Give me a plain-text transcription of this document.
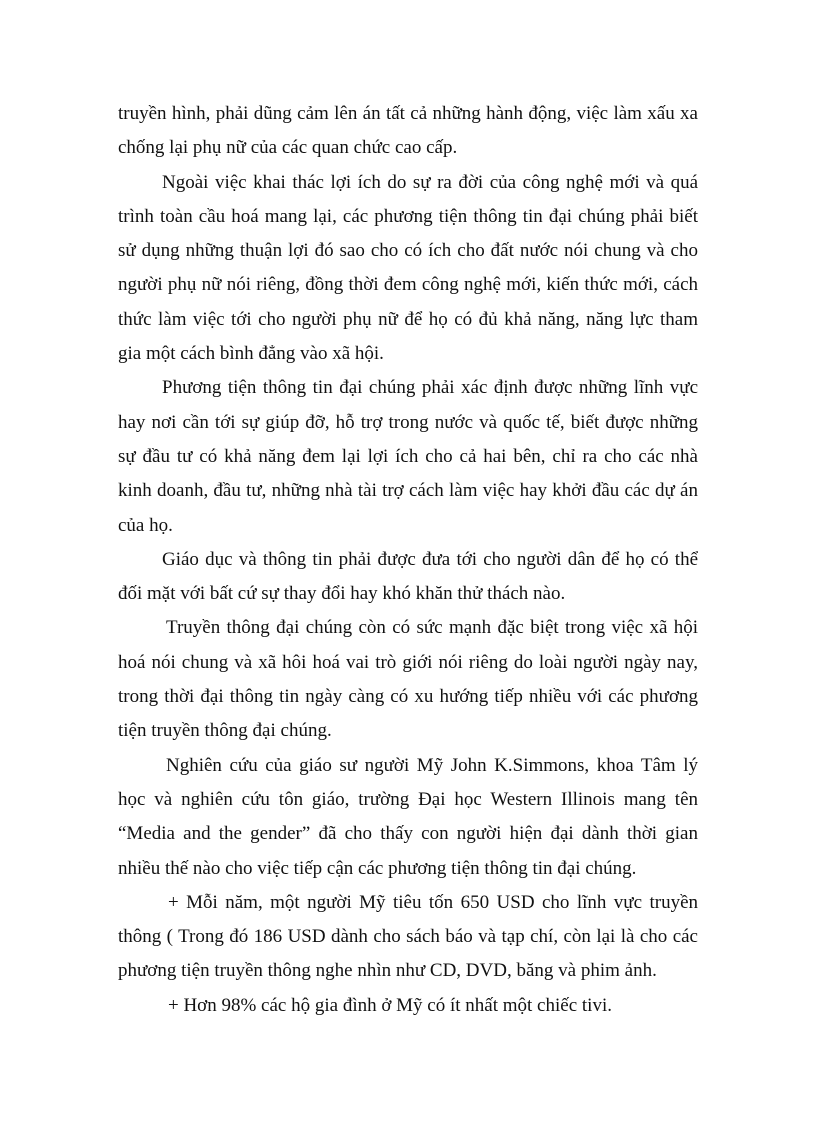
truyền hình, phải dũng cảm lên án tất cả những hành động, việc làm xấu xa chống lại phụ nữ của các quan chức cao cấp.

Ngoài việc khai thác lợi ích do sự ra đời của công nghệ mới và quá trình toàn cầu hoá mang lại, các phương tiện thông tin đại chúng phải biết sử dụng những thuận lợi đó sao cho có ích cho đất nước nói chung và cho người phụ nữ nói riêng, đồng thời đem công nghệ mới, kiến thức mới, cách thức làm việc tới cho người phụ nữ để họ có đủ khả năng, năng lực tham gia một cách bình đẳng vào xã hội.

Phương tiện thông tin đại chúng phải xác định được những lĩnh vực hay nơi cần tới sự giúp đỡ, hỗ trợ trong nước và quốc tế, biết được những sự đầu tư có khả năng đem lại lợi ích cho cả hai bên, chỉ ra cho các nhà kinh doanh, đầu tư, những nhà tài trợ cách làm việc hay khởi đầu các dự án của họ.

Giáo dục và thông tin phải được đưa tới cho người dân để họ có thể đối mặt với bất cứ sự thay đổi hay khó khăn thử thách nào.

Truyền thông đại chúng còn có sức mạnh đặc biệt trong việc xã hội hoá nói chung và xã hôi hoá vai trò giới nói riêng do loài người ngày nay, trong thời đại thông tin ngày càng có xu hướng tiếp nhiều với các phương tiện truyền thông đại chúng.

Nghiên cứu của giáo sư người Mỹ John K.Simmons, khoa Tâm lý học và nghiên cứu tôn giáo, trường Đại học Western Illinois mang tên “Media and the gender” đã cho thấy con người hiện đại dành thời gian nhiều thế nào cho việc tiếp cận các phương tiện thông tin đại chúng.

+ Mỗi năm, một người Mỹ tiêu tốn 650 USD cho lĩnh vực truyền thông ( Trong đó 186 USD dành cho sách báo và tạp chí, còn lại là cho các phương tiện truyền thông nghe nhìn như CD, DVD, băng và phim ảnh.

+ Hơn 98% các hộ gia đình ở Mỹ có ít nhất một chiếc tivi.
